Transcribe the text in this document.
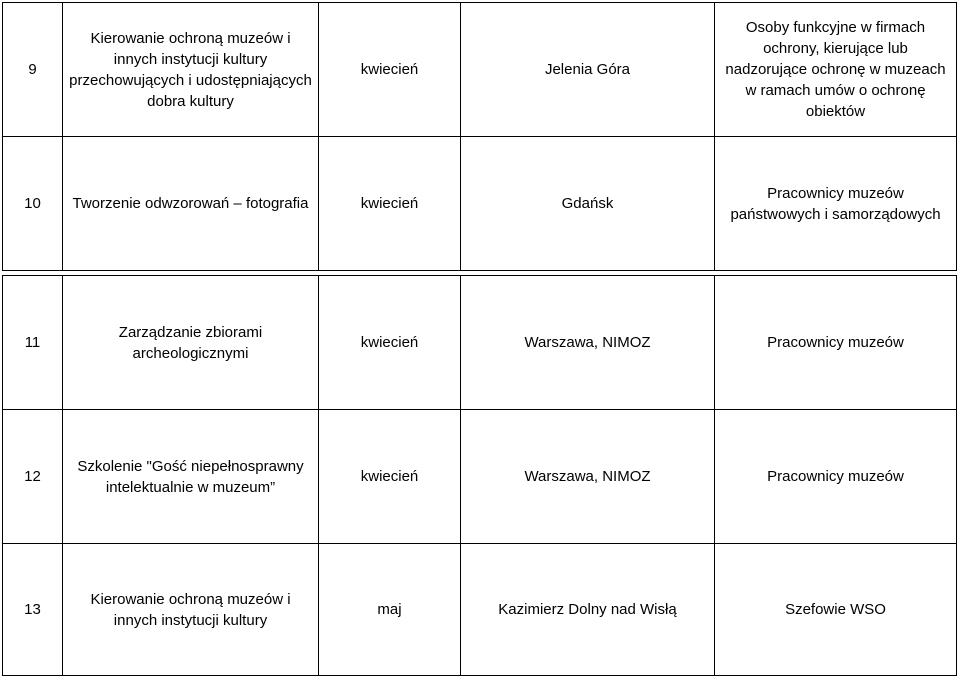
9	Kierowanie ochroną muzeów i innych instytucji kultury przechowujących i udostępniających dobra kultury	kwiecień	Jelenia Góra	Osoby funkcyjne w firmach ochrony, kierujące lub nadzorujące ochronę w muzeach w ramach umów o ochronę obiektów
10	Tworzenie odwzorowań – fotografia	kwiecień	Gdańsk	Pracownicy muzeów państwowych i samorządowych

11	Zarządzanie zbiorami archeologicznymi	kwiecień	Warszawa, NIMOZ	Pracownicy muzeów
12	Szkolenie "Gość niepełnosprawny intelektualnie w muzeum”	kwiecień	Warszawa, NIMOZ	Pracownicy muzeów
13	Kierowanie ochroną muzeów i innych instytucji kultury	maj	Kazimierz Dolny nad Wisłą	Szefowie WSO
